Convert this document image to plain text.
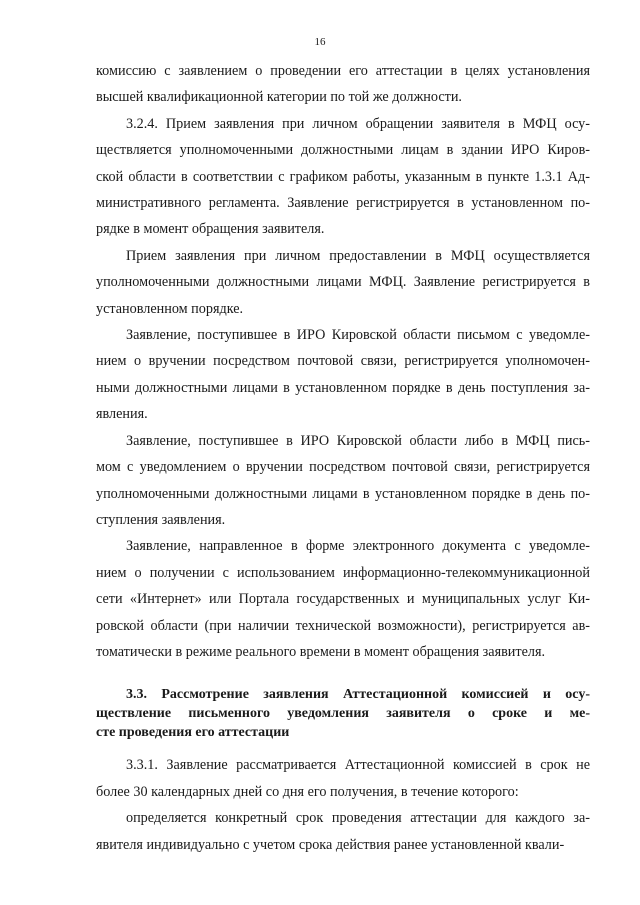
16
комиссию с заявлением о проведении его аттестации в целях установления
высшей квалификационной категории по той же должности.
3.2.4. Прием заявления при личном обращении заявителя в МФЦ осу-
ществляется уполномоченными должностными лицам в здании ИРО Киров-
ской области в соответствии с графиком работы, указанным в пункте 1.3.1 Ад-
министративного регламента. Заявление регистрируется в установленном по-
рядке в момент обращения заявителя.
Прием заявления при личном предоставлении в МФЦ осуществляется
уполномоченными должностными лицами МФЦ. Заявление регистрируется в
установленном порядке.
Заявление, поступившее в ИРО Кировской области письмом с уведомле-
нием о вручении посредством почтовой связи, регистрируется уполномочен-
ными должностными лицами в установленном порядке в день поступления за-
явления.
Заявление, поступившее в ИРО Кировской области либо в МФЦ пись-
мом с уведомлением о вручении посредством почтовой связи, регистрируется
уполномоченными должностными лицами в установленном порядке в день по-
ступления заявления.
Заявление, направленное в форме электронного документа с уведомле-
нием о получении с использованием информационно-телекоммуникационной
сети «Интернет» или Портала государственных и муниципальных услуг Ки-
ровской области (при наличии технической возможности), регистрируется ав-
томатически в режиме реального времени в момент обращения заявителя.
3.3. Рассмотрение заявления Аттестационной комиссией и осу-
ществление письменного уведомления заявителя о сроке и ме-
сте проведения его аттестации
3.3.1. Заявление рассматривается Аттестационной комиссией в срок не
более 30 календарных дней со дня его получения, в течение которого:
определяется конкретный срок проведения аттестации для каждого за-
явителя индивидуально с учетом срока действия ранее установленной квали-
